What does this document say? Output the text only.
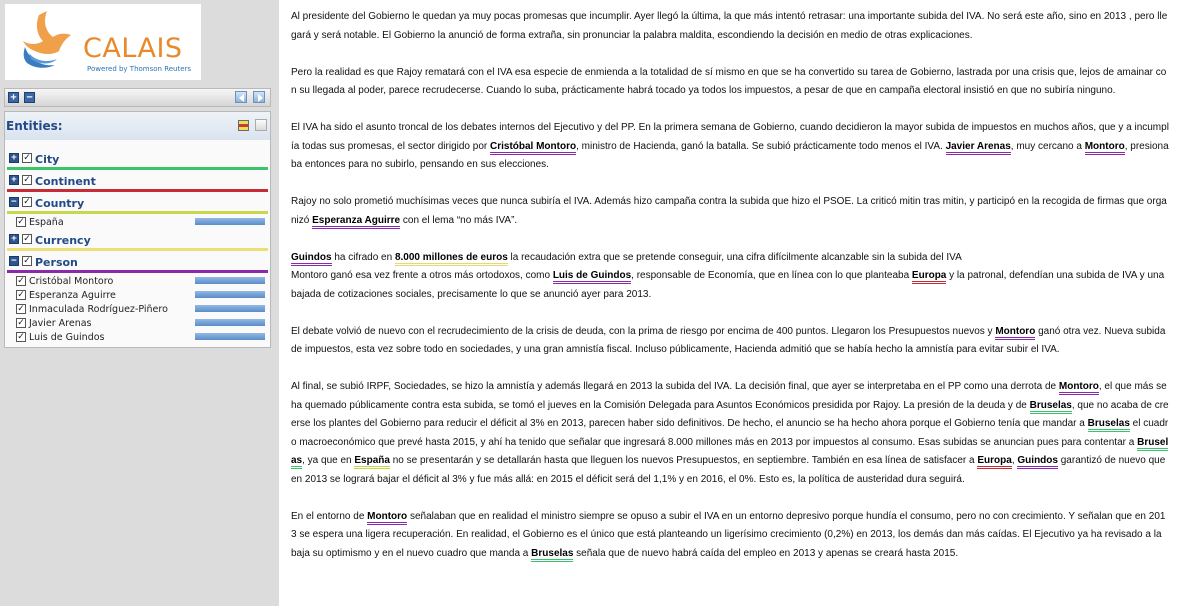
CALAIS
Powered by Thomson Reuters
+ −
Entities:
+ ✓ City
+ ✓ Continent
− ✓ Country
✓ España
+ ✓ Currency
− ✓ Person
✓ Cristóbal Montoro
✓ Esperanza Aguirre
✓ Inmaculada Rodríguez-Piñero
✓ Javier Arenas
✓ Luis de Guindos

Al presidente del Gobierno le quedan ya muy pocas promesas que incumplir. Ayer llegó la última, la que más intentó retrasar: una importante subida del IVA. No será este año, sino en 2013 , pero llegará y será notable. El Gobierno la anunció de forma extraña, sin pronunciar la palabra maldita, escondiendo la decisión en medio de otras explicaciones.

Pero la realidad es que Rajoy rematará con el IVA esa especie de enmienda a la totalidad de sí mismo en que se ha convertido su tarea de Gobierno, lastrada por una crisis que, lejos de amainar con su llegada al poder, parece recrudecerse. Cuando lo suba, prácticamente habrá tocado ya todos los impuestos, a pesar de que en campaña electoral insistió en que no subiría ninguno.

El IVA ha sido el asunto troncal de los debates internos del Ejecutivo y del PP. En la primera semana de Gobierno, cuando decidieron la mayor subida de impuestos en muchos años, que y a incumplía todas sus promesas, el sector dirigido por Cristóbal Montoro, ministro de Hacienda, ganó la batalla. Se subió prácticamente todo menos el IVA. Javier Arenas, muy cercano a Montoro, presionaba entonces para no subirlo, pensando en sus elecciones.

Rajoy no solo prometió muchísimas veces que nunca subiría el IVA. Además hizo campaña contra la subida que hizo el PSOE. La criticó mitin tras mitin, y participó en la recogida de firmas que organizó Esperanza Aguirre con el lema “no más IVA”.

Guindos ha cifrado en 8.000 millones de euros la recaudación extra que se pretende conseguir, una cifra difícilmente alcanzable sin la subida del IVA

Montoro ganó esa vez frente a otros más ortodoxos, como Luis de Guindos, responsable de Economía, que en línea con lo que planteaba Europa y la patronal, defendían una subida de IVA y una bajada de cotizaciones sociales, precisamente lo que se anunció ayer para 2013.

El debate volvió de nuevo con el recrudecimiento de la crisis de deuda, con la prima de riesgo por encima de 400 puntos. Llegaron los Presupuestos nuevos y Montoro ganó otra vez. Nueva subida de impuestos, esta vez sobre todo en sociedades, y una gran amnistía fiscal. Incluso públicamente, Hacienda admitió que se había hecho la amnistía para evitar subir el IVA.

Al final, se subió IRPF, Sociedades, se hizo la amnistía y además llegará en 2013 la subida del IVA. La decisión final, que ayer se interpretaba en el PP como una derrota de Montoro, el que más se ha quemado públicamente contra esta subida, se tomó el jueves en la Comisión Delegada para Asuntos Económicos presidida por Rajoy. La presión de la deuda y de Bruselas, que no acaba de creerse los plantes del Gobierno para reducir el déficit al 3% en 2013, parecen haber sido definitivos. De hecho, el anuncio se ha hecho ahora porque el Gobierno tenía que mandar a Bruselas el cuadro macroeconómico que prevé hasta 2015, y ahí ha tenido que señalar que ingresará 8.000 millones más en 2013 por impuestos al consumo. Esas subidas se anuncian pues para contentar a Bruselas, ya que en España no se presentarán y se detallarán hasta que lleguen los nuevos Presupuestos, en septiembre. También en esa línea de satisfacer a Europa, Guindos garantizó de nuevo que en 2013 se logrará bajar el déficit al 3% y fue más allá: en 2015 el déficit será del 1,1% y en 2016, el 0%. Esto es, la política de austeridad dura seguirá.

En el entorno de Montoro señalaban que en realidad el ministro siempre se opuso a subir el IVA en un entorno depresivo porque hundía el consumo, pero no con crecimiento. Y señalan que en 2013 se espera una ligera recuperación. En realidad, el Gobierno es el único que está planteando un ligerísimo crecimiento (0,2%) en 2013, los demás dan más caídas. El Ejecutivo ya ha revisado a la baja su optimismo y en el nuevo cuadro que manda a Bruselas señala que de nuevo habrá caída del empleo en 2013 y apenas se creará hasta 2015.
